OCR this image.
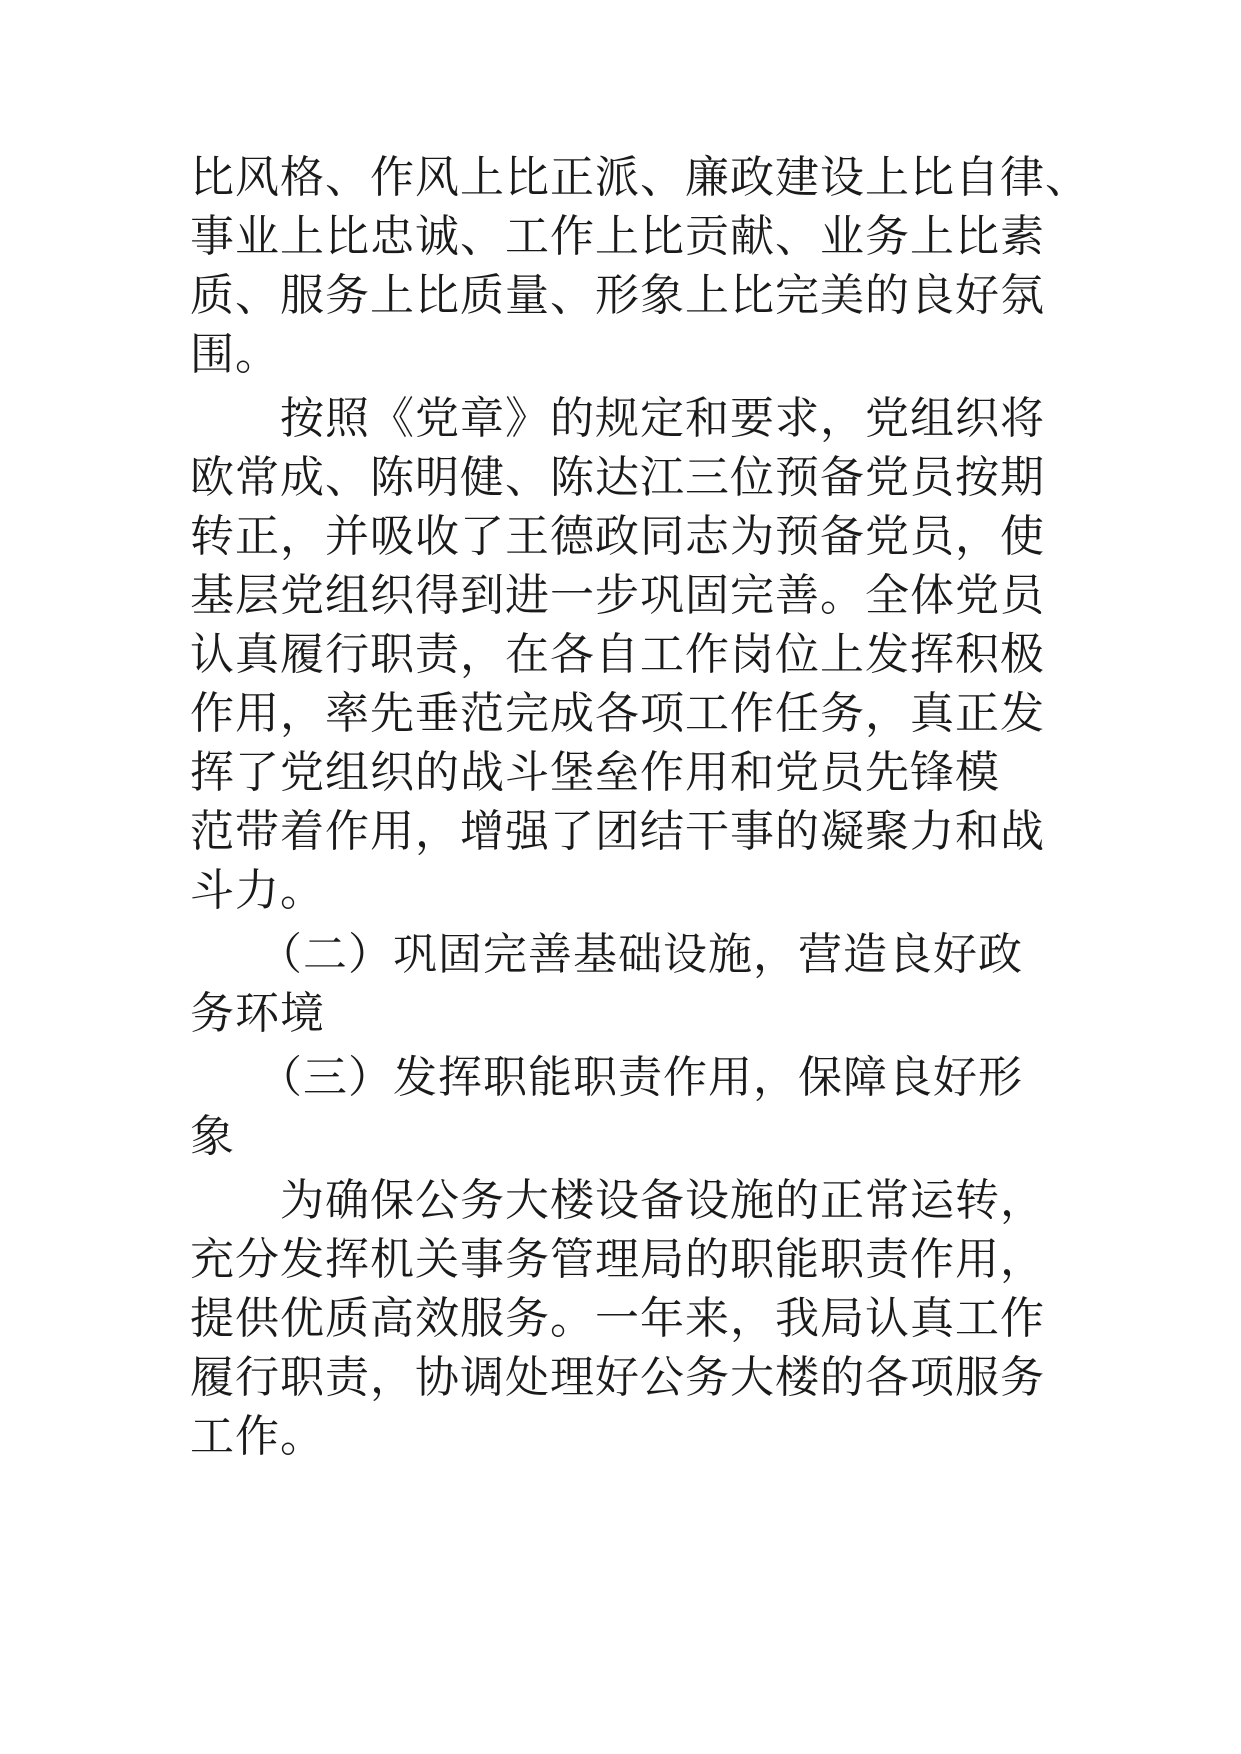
比风格、作风上比正派、廉政建设上比自律、
事业上比忠诚、工作上比贡献、业务上比素
质、服务上比质量、形象上比完美的良好氛
围。
　　按照《党章》的规定和要求，党组织将
欧常成、陈明健、陈达江三位预备党员按期
转正，并吸收了王德政同志为预备党员，使
基层党组织得到进一步巩固完善。全体党员
认真履行职责，在各自工作岗位上发挥积极
作用，率先垂范完成各项工作任务，真正发
挥了党组织的战斗堡垒作用和党员先锋模
范带着作用，增强了团结干事的凝聚力和战
斗力。
　　（二）巩固完善基础设施，营造良好政
务环境
　　（三）发挥职能职责作用，保障良好形
象
　　为确保公务大楼设备设施的正常运转，
充分发挥机关事务管理局的职能职责作用，
提供优质高效服务。一年来，我局认真工作
履行职责，协调处理好公务大楼的各项服务
工作。
